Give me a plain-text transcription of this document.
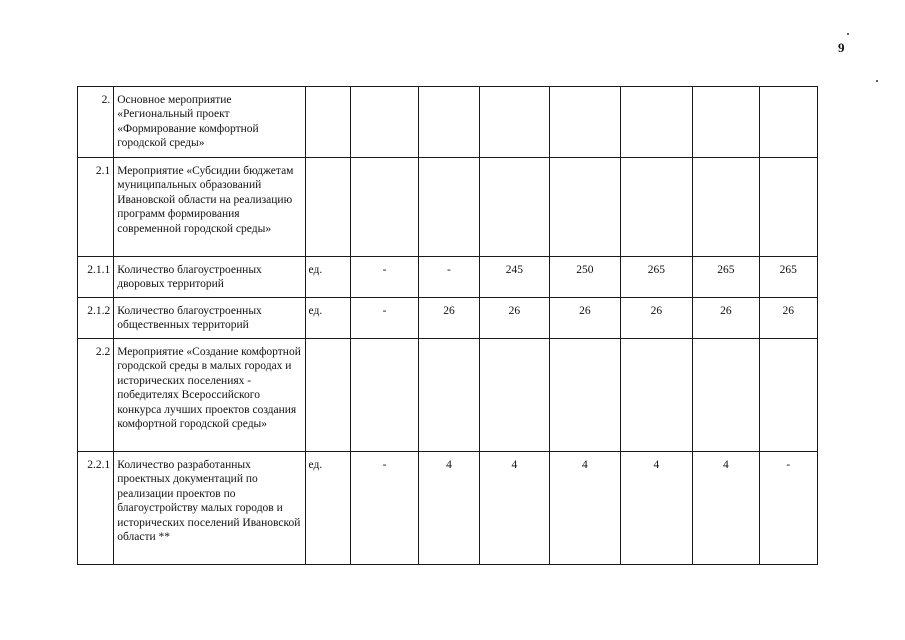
9
2.	Основное мероприятие «Региональный проект «Формирование комфортной городской среды»								
2.1	Мероприятие «Субсидии бюджетам муниципальных образований Ивановской области на реализацию программ формирования современной городской среды»								
2.1.1	Количество благоустроенных дворовых территорий	ед.	-	-	245	250	265	265	265
2.1.2	Количество благоустроенных общественных территорий	ед.	-	26	26	26	26	26	26
2.2	Мероприятие «Создание комфортной городской среды в малых городах и исторических поселениях - победителях Всероссийского конкурса лучших проектов создания комфортной городской среды»								
2.2.1	Количество разработанных проектных документаций по реализации проектов по благоустройству малых городов и исторических поселений Ивановской области **	ед.	-	4	4	4	4	4	-
